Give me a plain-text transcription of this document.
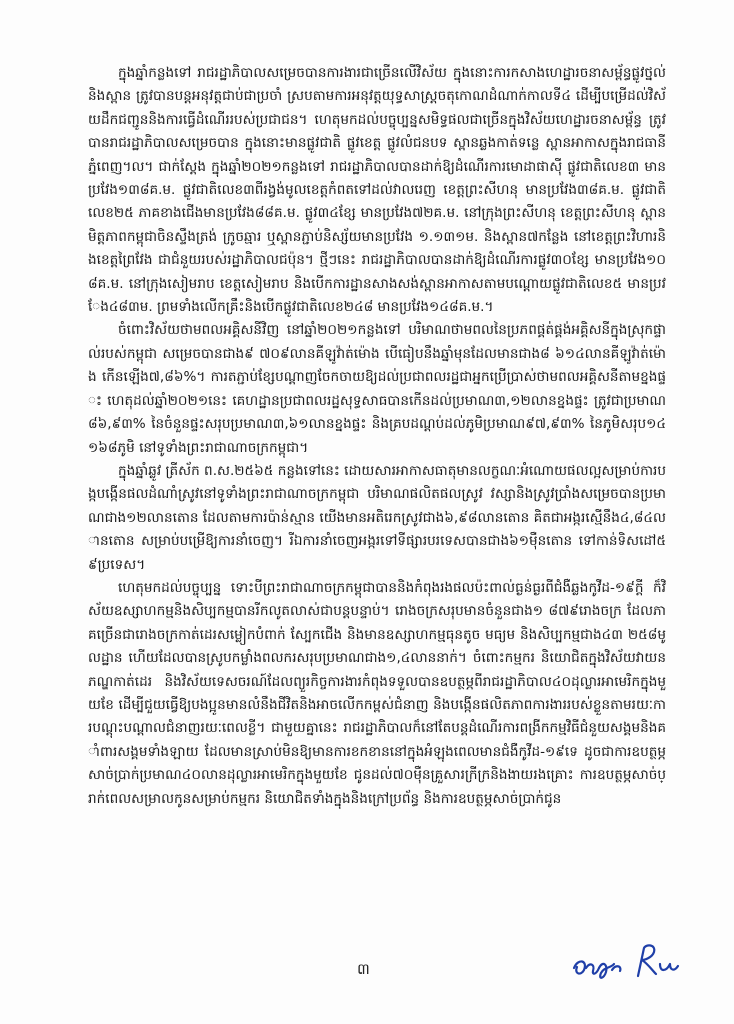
ក្នុងឆ្នាំកន្លងទៅ រាជរដ្ឋាភិបាលសម្រេចបានការងារជាច្រើនលើវិស័យ ក្នុងនោះការកសាងហេដ្ឋារចនាសម្ព័ន្ធផ្លូវថ្នល់និងស្ពាន ត្រូវបានបន្តអនុវត្តជាប់ជាប្រចាំ ស្របតាមការអនុវត្តយុទ្ធសាស្ត្រចតុកោណដំណាក់កាលទី៤ ដើម្បីបម្រើដល់វិស័យដឹកជញ្ជូននិងការធ្វើដំណើររបស់ប្រជាជន។ ហេតុមកដល់បច្ចុប្បន្នសមិទ្ធផលជាច្រើនក្នុងវិស័យហេដ្ឋារចនាសម្ព័ន្ធ ត្រូវបានរាជរដ្ឋាភិបាលសម្រេចបាន ក្នុងនោះមានផ្លូវជាតិ ផ្លូវខេត្ត ផ្លូវលំជនបទ ស្ពានឆ្លងកាត់ទន្លេ ស្ពានអាកាសក្នុងរាជធានីភ្នំពេញ។ល។ ជាក់ស្តែង ក្នុងឆ្នាំ២០២១កន្លងទៅ រាជរដ្ឋាភិបាលបានដាក់ឱ្យដំណើរការមោដាផាស៊ី ផ្លូវជាតិលេខ៣ មានប្រវែង១៣៨គ.ម. ផ្លូវជាតិលេខ៣ពីរង្វង់មូលខេត្តកំពតទៅដល់វាលរេញ ខេត្តព្រះសីហនុ មានប្រវែង៣៨គ.ម. ផ្លូវជាតិលេខ២៥ ភាគខាងជើងមានប្រវែង៨៨គ.ម. ផ្លូវ៣៤ខ្សែ មានប្រវែង៧២គ.ម. នៅក្រុងព្រះសីហនុ ខេត្តព្រះសីហនុ ស្ពានមិត្តភាពកម្ពុជាចិនស្ទឹងត្រង់ ក្រូចឆ្មារ ឬស្ពានភ្ជាប់និស្ស័យមានប្រវែង ១.១៣១ម. និងស្ពាន៧កន្លែង នៅខេត្តព្រះវិហារនិងខេត្តព្រៃវែង ជាជំនួយរបស់រដ្ឋាភិបាលជប៉ុន។ ថ្មីៗនេះ រាជរដ្ឋាភិបាលបានដាក់ឱ្យដំណើរការផ្លូវ៣០ខ្សែ មានប្រវែង១០៨គ.ម. នៅក្រុងសៀមរាប ខេត្តសៀមរាប និងបើកការដ្ឋានសាងសង់ស្ពានអាកាសតាមបណ្តោយផ្លូវជាតិលេខ៥ មានប្រវែង៤៨៣ម. ព្រមទាំងលើកគ្រឹះនិងបើកផ្លូវជាតិលេខ២៤៨ មានប្រវែង១៤៨គ.ម.។

ចំពោះវិស័យថាមពលអគ្គិសនីវិញ នៅឆ្នាំ២០២១កន្លងទៅ បរិមាណថាមពលនៃប្រភពផ្គត់ផ្គង់អគ្គិសនីក្នុងស្រុកផ្ទាល់របស់កម្ពុជា សម្រេចបានជាង៩ ៧០៩លានគីឡូវ៉ាត់ម៉ោង បើធៀបនឹងឆ្នាំមុនដែលមានជាង៨ ៦១៤លានគីឡូវ៉ាត់ម៉ោង កើនឡើង៧,៨៦%។ ការតភ្ជាប់ខ្សែបណ្តាញចែកចាយឱ្យដល់ប្រជាពលរដ្ឋជាអ្នកប្រើប្រាស់ថាមពលអគ្គិសនីតាមខ្នងផ្ទះ ហេតុដល់ឆ្នាំ២០២១នេះ គេហដ្ឋានប្រជាពលរដ្ឋសុទ្ធសាធបានកើនដល់ប្រមាណ៣,១២លានខ្នងផ្ទះ ត្រូវជាប្រមាណ៨៦,៩៣% នៃចំនួនផ្ទះសរុបប្រមាណ៣,៦១លានខ្នងផ្ទះ និងគ្របដណ្តប់ដល់ភូមិប្រមាណ៩៧,៩៣% នៃភូមិសរុប១៤ ១៦៨ភូមិ នៅទូទាំងព្រះរាជាណាចក្រកម្ពុជា។

ក្នុងឆ្នាំឆ្លូវ ត្រីស័ក ព.ស.២៥៦៥ កន្លងទៅនេះ ដោយសារអាកាសធាតុមានលក្ខណៈអំណោយផលល្អសម្រាប់ការបង្កបង្កើនផលដំណាំស្រូវនៅទូទាំងព្រះរាជាណាចក្រកម្ពុជា បរិមាណផលិតផលស្រូវ វស្សានិងស្រូវប្រាំងសម្រេចបានប្រមាណជាង១២លានតោន ដែលតាមការប៉ាន់ស្មាន យើងមានអតិរេកស្រូវជាង៦,៩៨លានតោន គិតជាអង្ករស្មើនឹង៤,៨៤លានតោន សម្រាប់បម្រើឱ្យការនាំចេញ។ រីឯការនាំចេញអង្ករទៅទីផ្សារបរទេសបានជាង៦១ម៉ឺនតោន ទៅកាន់ទិសដៅ៥៩ប្រទេស។

ហេតុមកដល់បច្ចុប្បន្ន ទោះបីព្រះរាជាណាចក្រកម្ពុជាបាននិងកំពុងរងផលប៉ះពាល់ធ្ងន់ធ្ងរពីជំងឺឆ្លងកូវីដ-១៩ក្តី ក៏វិស័យឧស្សាហកម្មនិងសិប្បកម្មបានរីកលូតលាស់ជាបន្តបន្ទាប់។ រោងចក្រសរុបមានចំនួនជាង១ ៨៧៩រោងចក្រ ដែលភាគច្រើនជារោងចក្រកាត់ដេរសម្លៀកបំពាក់ ស្បែកជើង និងមានឧស្សាហកម្មធុនតូច មធ្យម និងសិប្បកម្មជាង៤៣ ២៥៨មូលដ្ឋាន ហើយដែលបានស្រូបកម្លាំងពលករសរុបប្រមាណជាង១,៤លាននាក់។ ចំពោះកម្មករ និយោជិតក្នុងវិស័យវាយនភណ្ឌកាត់ដេរ និងវិស័យទេសចរណ៍ដែលព្យួរកិច្ចការងារកំពុងទទួលបានឧបត្ថម្ភពីរាជរដ្ឋាភិបាល៤០ដុល្លារអាមេរិកក្នុងមួយខែ ដើម្បីជួយធ្វើឱ្យបងប្អូនមានលំនឹងជីវិតនិងអាចលើកកម្ពស់ជំនាញ និងបង្កើនផលិតភាពការងាររបស់ខ្លួនតាមរយៈការបណ្តុះបណ្តាលជំនាញរយៈពេលខ្លី។ ជាមួយគ្នានេះ រាជរដ្ឋាភិបាលក៏នៅតែបន្តដំណើរការពង្រីកកម្មវិធីជំនួយសង្គមនិងគាំពារសង្គមទាំងឡាយ ដែលមានស្រាប់មិនឱ្យមានការខកខាននៅក្នុងអំឡុងពេលមានជំងឺកូវីដ-១៩ទេ ដូចជាការឧបត្ថម្ភសាច់ប្រាក់ប្រមាណ៤០លានដុល្លារអាមេរិកក្នុងមួយខែ ជូនដល់៧០ម៉ឺនគ្រួសារក្រីក្រនិងងាយរងគ្រោះ ការឧបត្ថម្ភសាច់ប្រាក់ពេលសម្រាលកូនសម្រាប់កម្មករ និយោជិតទាំងក្នុងនិងក្រៅប្រព័ន្ធ និងការឧបត្ថម្ភសាច់ប្រាក់ជូន

៣
